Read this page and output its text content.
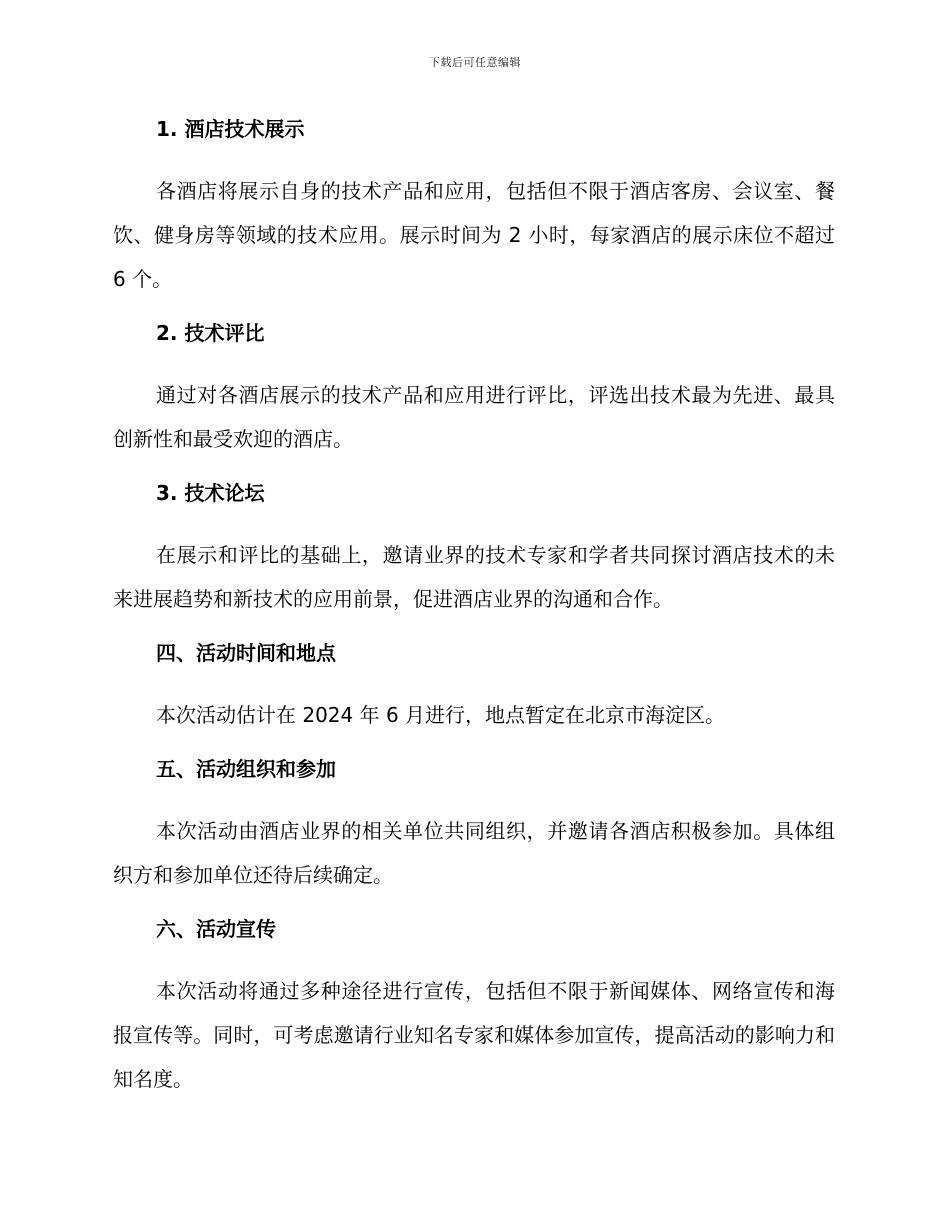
下载后可任意编辑
1. 酒店技术展示
各酒店将展示自身的技术产品和应用，包括但不限于酒店客房、会议室、餐饮、健身房等领域的技术应用。展示时间为 2 小时，每家酒店的展示床位不超过 6 个。
2. 技术评比
通过对各酒店展示的技术产品和应用进行评比，评选出技术最为先进、最具创新性和最受欢迎的酒店。
3. 技术论坛
在展示和评比的基础上，邀请业界的技术专家和学者共同探讨酒店技术的未来进展趋势和新技术的应用前景，促进酒店业界的沟通和合作。
四、活动时间和地点
本次活动估计在 2024 年 6 月进行，地点暂定在北京市海淀区。
五、活动组织和参加
本次活动由酒店业界的相关单位共同组织，并邀请各酒店积极参加。具体组织方和参加单位还待后续确定。
六、活动宣传
本次活动将通过多种途径进行宣传，包括但不限于新闻媒体、网络宣传和海报宣传等。同时，可考虑邀请行业知名专家和媒体参加宣传，提高活动的影响力和知名度。
